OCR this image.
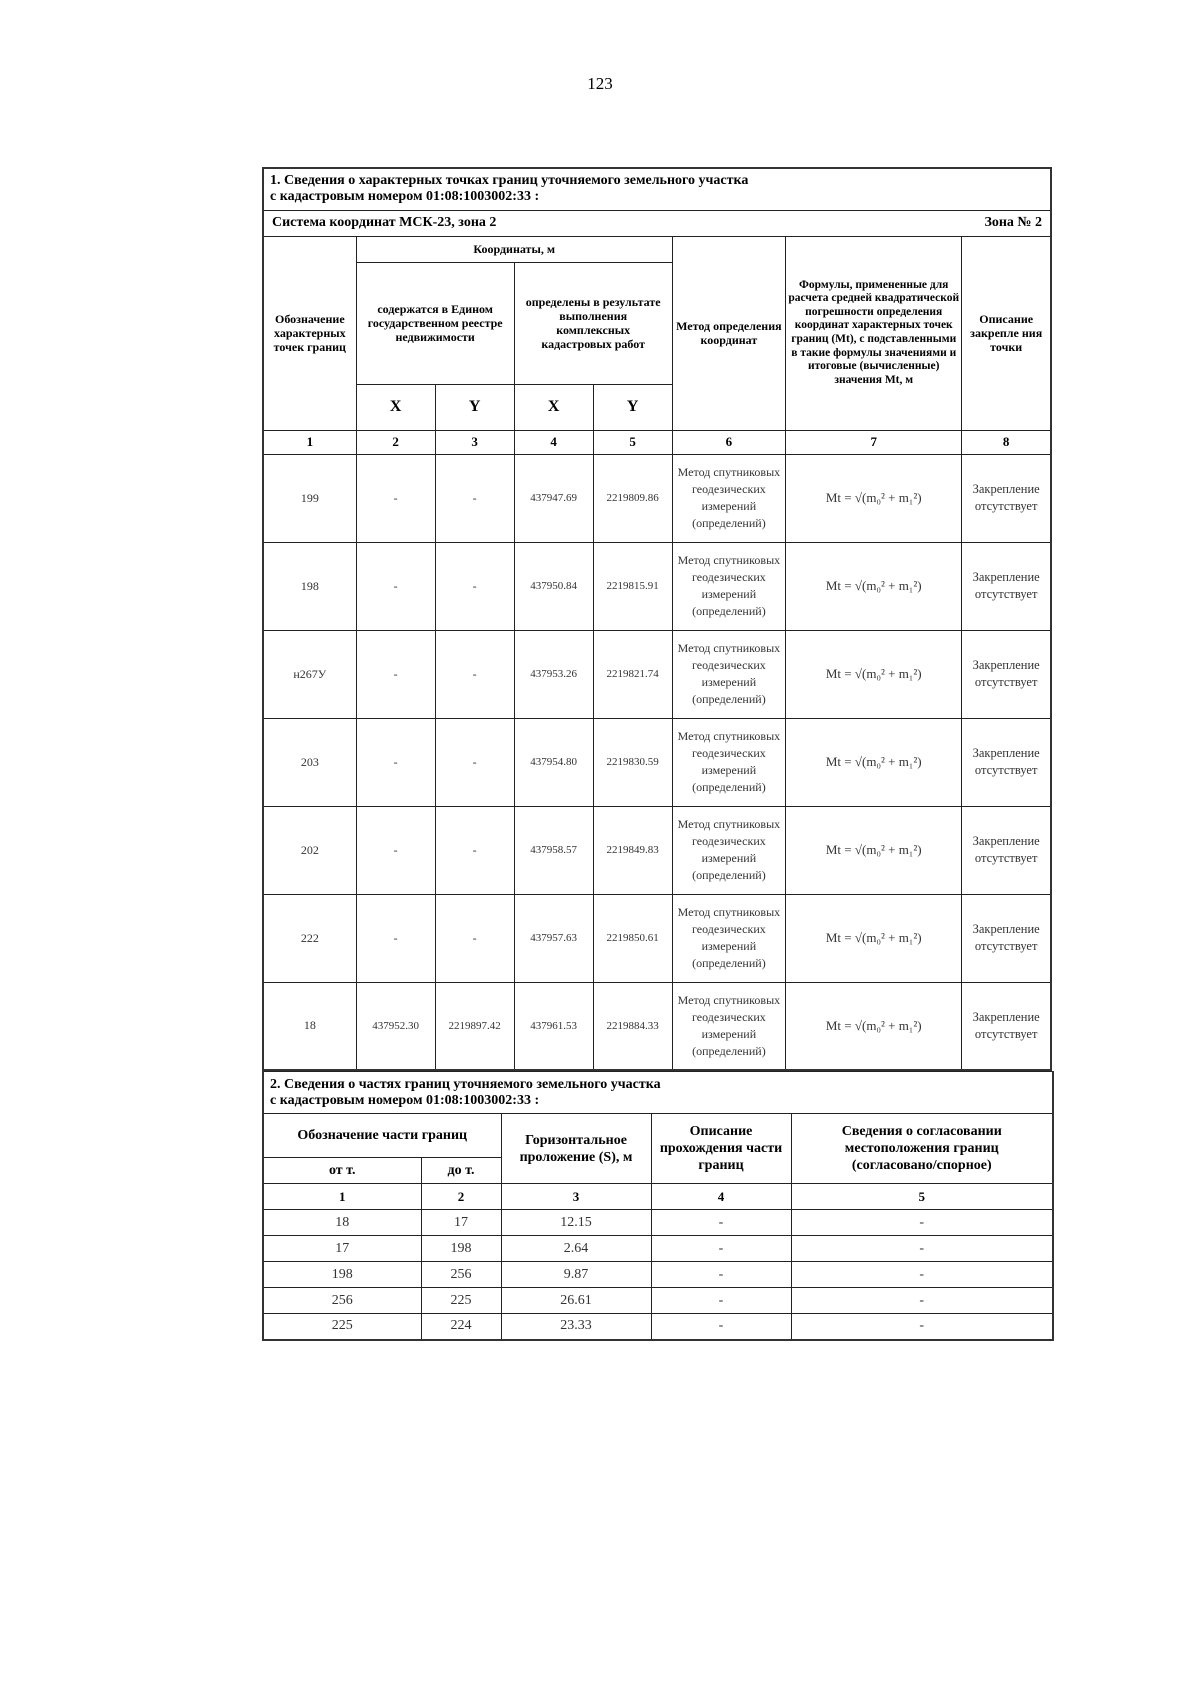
123
1. Сведения о характерных точках границ уточняемого земельного участка
с кадастровым номером 01:08:1003002:33 :							

Система координат МСК-23, зона 2							Зона № 2
Обозначение характерных точек границ	Координаты, м				Метод определения координат	Формулы, примененные для расчета средней квадратической погрешности определения координат характерных точек границ (Mt), с подставленными в такие формулы значениями и итоговые (вычисленные) значения Mt, м	Описание закрепле ния точки
	содержатся в Едином государственном реестре недвижимости		определены в результате выполнения комплексных кадастровых работ				
	X	Y	X	Y			
1	2	3	4	5	6	7	8
199	-	-	437947.69	2219809.86	Метод спутниковых геодезических измерений (определений)	Mt = √(m₀² + m₁²)	Закрепление отсутствует
198	-	-	437950.84	2219815.91	Метод спутниковых геодезических измерений (определений)	Mt = √(m₀² + m₁²)	Закрепление отсутствует
н267У	-	-	437953.26	2219821.74	Метод спутниковых геодезических измерений (определений)	Mt = √(m₀² + m₁²)	Закрепление отсутствует
203	-	-	437954.80	2219830.59	Метод спутниковых геодезических измерений (определений)	Mt = √(m₀² + m₁²)	Закрепление отсутствует
202	-	-	437958.57	2219849.83	Метод спутниковых геодезических измерений (определений)	Mt = √(m₀² + m₁²)	Закрепление отсутствует
222	-	-	437957.63	2219850.61	Метод спутниковых геодезических измерений (определений)	Mt = √(m₀² + m₁²)	Закрепление отсутствует
18	437952.30	2219897.42	437961.53	2219884.33	Метод спутниковых геодезических измерений (определений)	Mt = √(m₀² + m₁²)	Закрепление отсутствует
2. Сведения о частях границ уточняемого земельного участка
с кадастровым номером 01:08:1003002:33 :				

Обозначение части границ		Горизонтальное проложение (S), м	Описание прохождения части границ	Сведения о согласовании местоположения границ (согласовано/спорное)
от т.	до т.			
1	2	3	4	5
18	17	12.15	-	-
17	198	2.64	-	-
198	256	9.87	-	-
256	225	26.61	-	-
225	224	23.33	-	-
